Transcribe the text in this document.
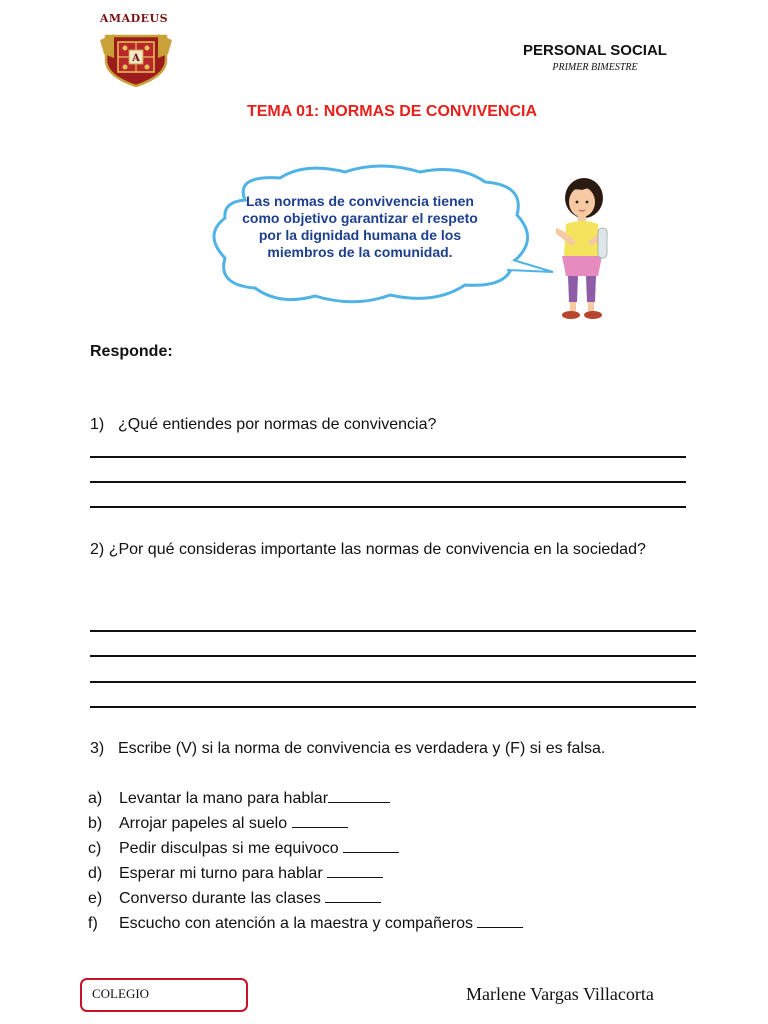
A
AMADEUS
PERSONAL SOCIAL
PRIMER BIMESTRE
TEMA 01: NORMAS DE CONVIVENCIA
Las normas de convivencia tienen
como objetivo garantizar el respeto
por la dignidad humana de los
miembros de la comunidad.
Responde:
1) ¿Qué entiendes por normas de convivencia?
2) ¿Por qué consideras importante las normas de convivencia en la sociedad?
3) Escribe (V) si la norma de convivencia es verdadera y (F) si es falsa.
a) Levantar la mano para hablar
b) Arrojar papeles al suelo
c) Pedir disculpas si me equivoco
d) Esperar mi turno para hablar
e) Converso durante las clases
f) Escucho con atención a la maestra y compañeros
COLEGIO	Marlene Vargas Villacorta
